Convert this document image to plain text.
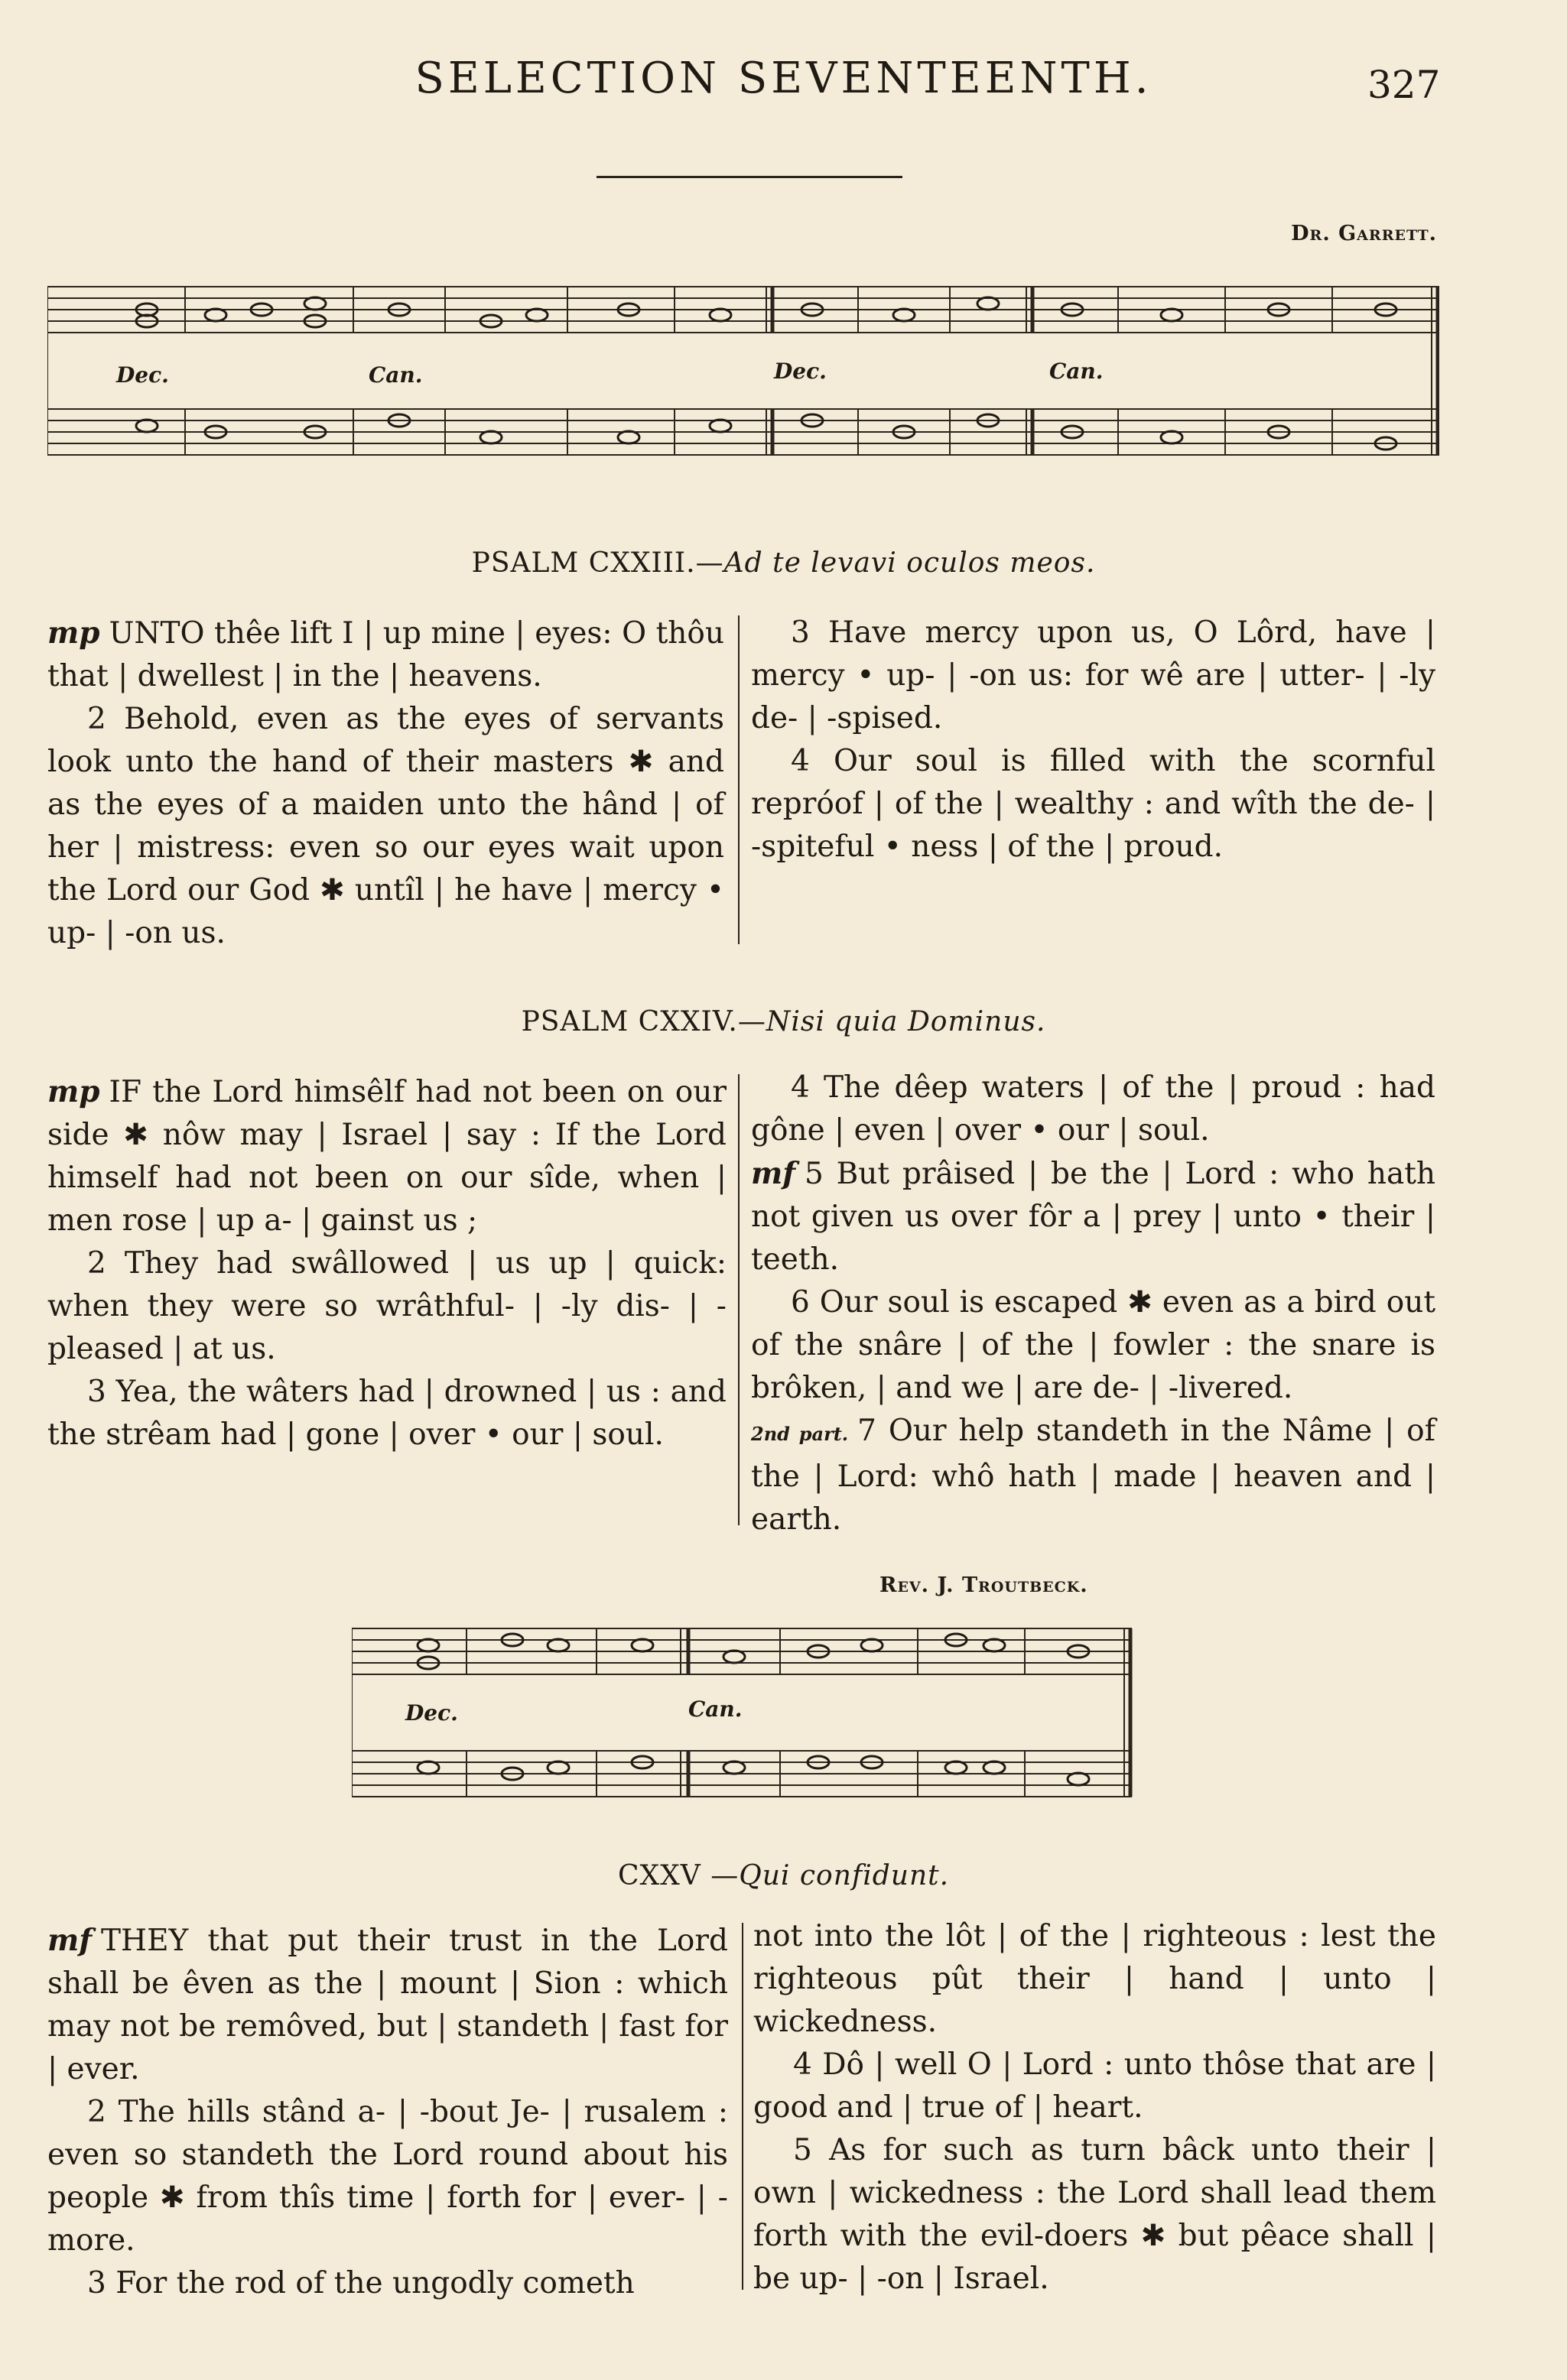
SELECTION SEVENTEENTH.	327
Dr. Garrett.
Dec.	Can.	Dec.	Can.
PSALM CXXIII.—Ad te levavi oculos meos.

mp UNTO thêe lift I | up mine | eyes: O thôu that | dwellest | in the | heavens.

2 Behold, even as the eyes of servants look unto the hand of their masters ✱ and as the eyes of a maiden unto the hând | of her | mistress: even so our eyes wait upon the Lord our God ✱ untîl | he have | mercy • up- | -on us.

3 Have mercy upon us, O Lôrd, have | mercy • up- | -on us: for wê are | utter- | -ly de- | -spised.

4 Our soul is filled with the scornful repróof | of the | wealthy : and wîth the de- | -spiteful • ness | of the | proud.

PSALM CXXIV.—Nisi quia Dominus.

mp IF the Lord himsêlf had not been on our side ✱ nôw may | Israel | say : If the Lord himself had not been on our sîde, when | men rose | up a- | gainst us ;

2 They had swâllowed | us up | quick: when they were so wrâthful- | -ly dis- | -pleased | at us.

3 Yea, the wâters had | drowned | us : and the strêam had | gone | over • our | soul.

4 The dêep waters | of the | proud : had gône | even | over • our | soul.

mf 5 But prâised | be the | Lord : who hath not given us over fôr a | prey | unto • their | teeth.

6 Our soul is escaped ✱ even as a bird out of the snâre | of the | fowler : the snare is brôken, | and we | are de- | -livered.

2nd part. 7 Our help standeth in the Nâme | of the | Lord: whô hath | made | heaven and | earth.

Rev. J. Troutbeck.
Dec.	Can.
CXXV —Qui confidunt.

mf THEY that put their trust in the Lord shall be êven as the | mount | Sion : which may not be remôved, but | standeth | fast for | ever.

2 The hills stând a- | -bout Je- | rusalem : even so standeth the Lord round about his people ✱ from thîs time | forth for | ever- | -more.

3 For the rod of the ungodly cometh

not into the lôt | of the | righteous : lest the righteous pût their | hand | unto | wickedness.

4 Dô | well O | Lord : unto thôse that are | good and | true of | heart.

5 As for such as turn bâck unto their | own | wickedness : the Lord shall lead them forth with the evil-doers ✱ but pêace shall | be up- | -on | Israel.
